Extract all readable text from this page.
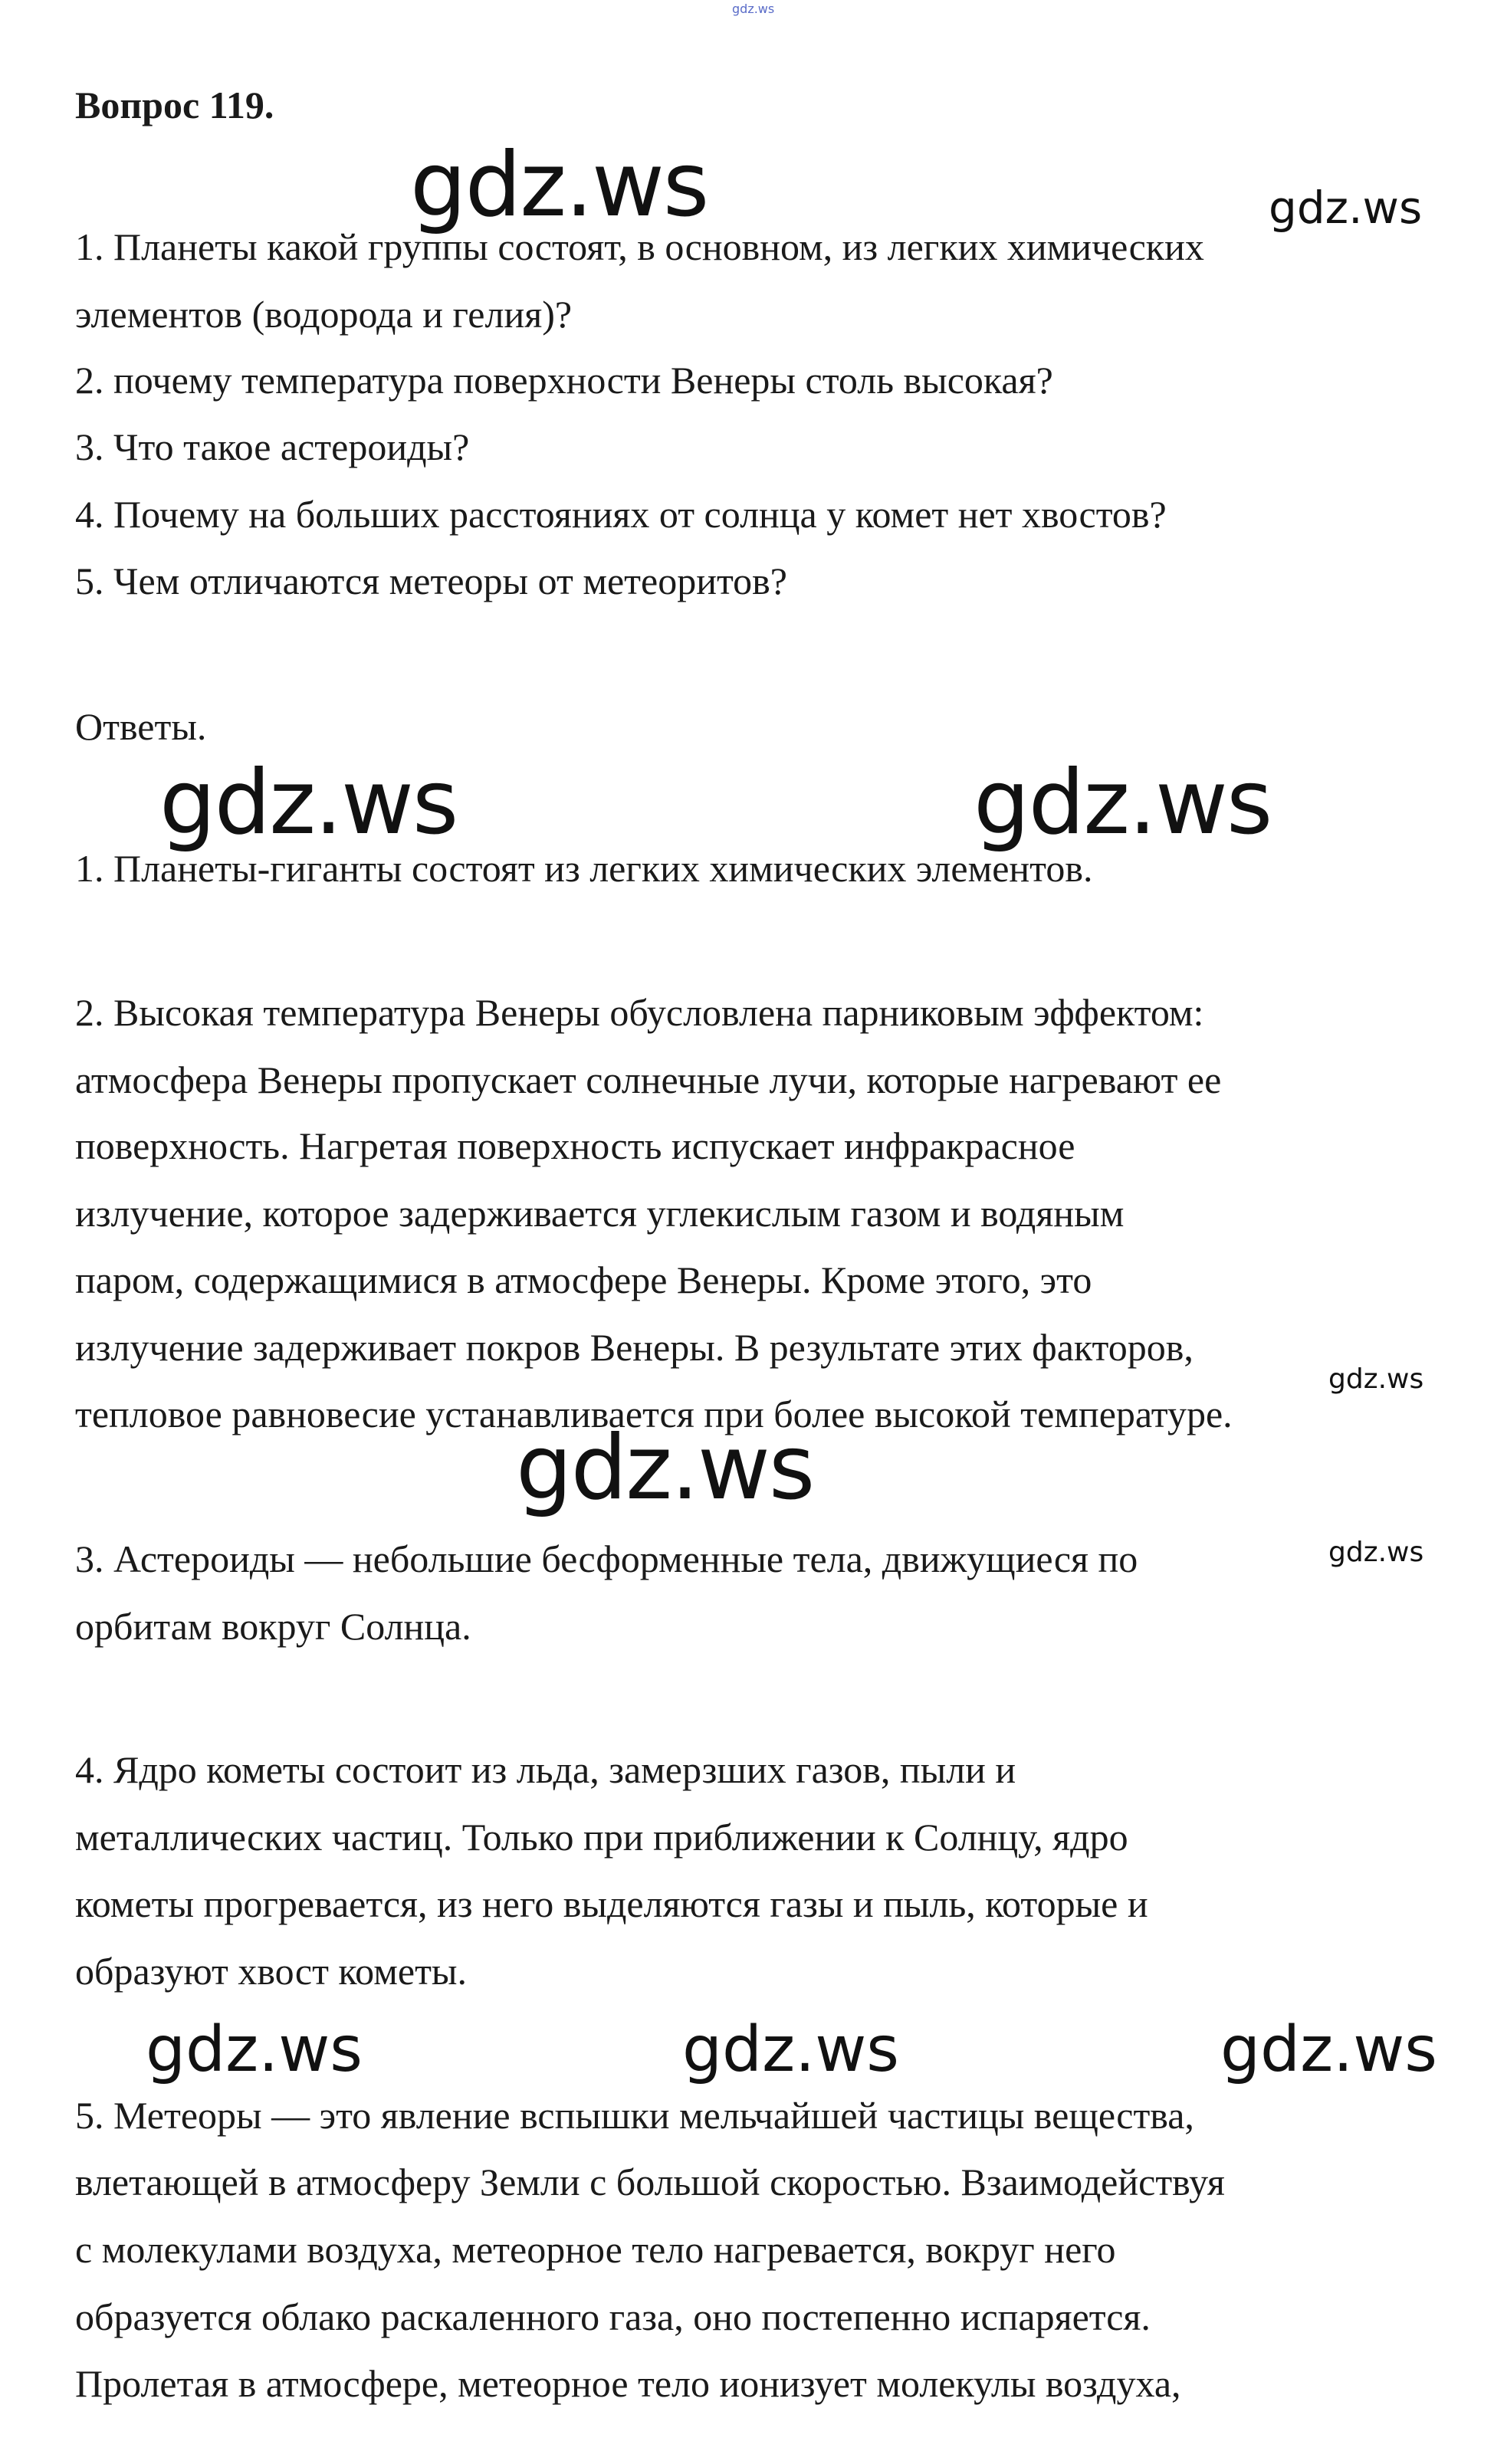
gdz.ws
Вопрос 119.
1. Планеты какой группы состоят, в основном, из легких химических
элементов (водорода и гелия)?
2. почему температура поверхности Венеры столь высокая?
3. Что такое астероиды?
4. Почему на больших расстояниях от солнца у комет нет хвостов?
5. Чем отличаются метеоры от метеоритов?
Ответы.
1. Планеты-гиганты состоят из легких химических элементов.
2. Высокая температура Венеры обусловлена парниковым эффектом:
атмосфера Венеры пропускает солнечные лучи, которые нагревают ее
поверхность. Нагретая поверхность испускает инфракрасное
излучение, которое задерживается углекислым газом и водяным
паром, содержащимися в атмосфере Венеры. Кроме этого, это
излучение задерживает покров Венеры. В результате этих факторов,
тепловое равновесие устанавливается при более высокой температуре.
3. Астероиды — небольшие бесформенные тела, движущиеся по
орбитам вокруг Солнца.
4. Ядро кометы состоит из льда, замерзших газов, пыли и
металлических частиц. Только при приближении к Солнцу, ядро
кометы прогревается, из него выделяются газы и пыль, которые и
образуют хвост кометы.
5. Метеоры — это явление вспышки мельчайшей частицы вещества,
влетающей в атмосферу Земли с большой скоростью. Взаимодействуя
с молекулами воздуха, метеорное тело нагревается, вокруг него
образуется облако раскаленного газа, оно постепенно испаряется.
Пролетая в атмосфере, метеорное тело ионизует молекулы воздуха,
gdz.ws	gdz.ws
gdz.ws	gdz.ws
gdz.ws
gdz.ws
gdz.ws
gdz.ws	gdz.ws	gdz.ws
